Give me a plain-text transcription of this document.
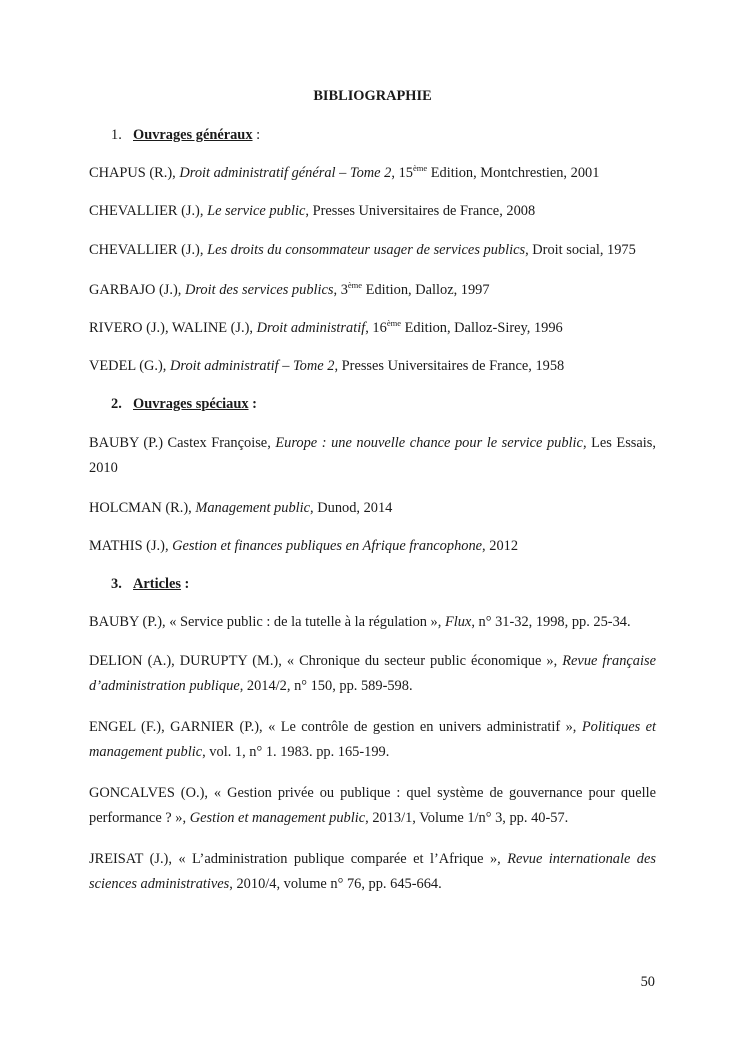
BIBLIOGRAPHIE
1. Ouvrages généraux :
CHAPUS (R.), Droit administratif général – Tome 2, 15ème Edition, Montchrestien, 2001
CHEVALLIER (J.), Le service public, Presses Universitaires de France, 2008
CHEVALLIER (J.), Les droits du consommateur usager de services publics, Droit social, 1975
GARBAJO (J.), Droit des services publics, 3ème Edition, Dalloz, 1997
RIVERO (J.), WALINE (J.), Droit administratif, 16ème Edition, Dalloz-Sirey, 1996
VEDEL (G.), Droit administratif – Tome 2, Presses Universitaires de France, 1958
2. Ouvrages spéciaux :
BAUBY (P.) Castex Françoise, Europe : une nouvelle chance pour le service public, Les Essais, 2010
HOLCMAN (R.), Management public, Dunod, 2014
MATHIS (J.), Gestion et finances publiques en Afrique francophone, 2012
3. Articles :
BAUBY (P.), « Service public : de la tutelle à la régulation », Flux, n° 31-32, 1998, pp. 25-34.
DELION (A.), DURUPTY (M.), « Chronique du secteur public économique », Revue française d’administration publique, 2014/2, n° 150, pp. 589-598.
ENGEL (F.), GARNIER (P.), « Le contrôle de gestion en univers administratif », Politiques et management public, vol. 1, n° 1. 1983. pp. 165-199.
GONCALVES (O.), « Gestion privée ou publique : quel système de gouvernance pour quelle performance ? », Gestion et management public, 2013/1, Volume 1/n° 3, pp. 40-57.
JREISAT (J.), « L’administration publique comparée et l’Afrique », Revue internationale des sciences administratives, 2010/4, volume n° 76, pp. 645-664.
50
